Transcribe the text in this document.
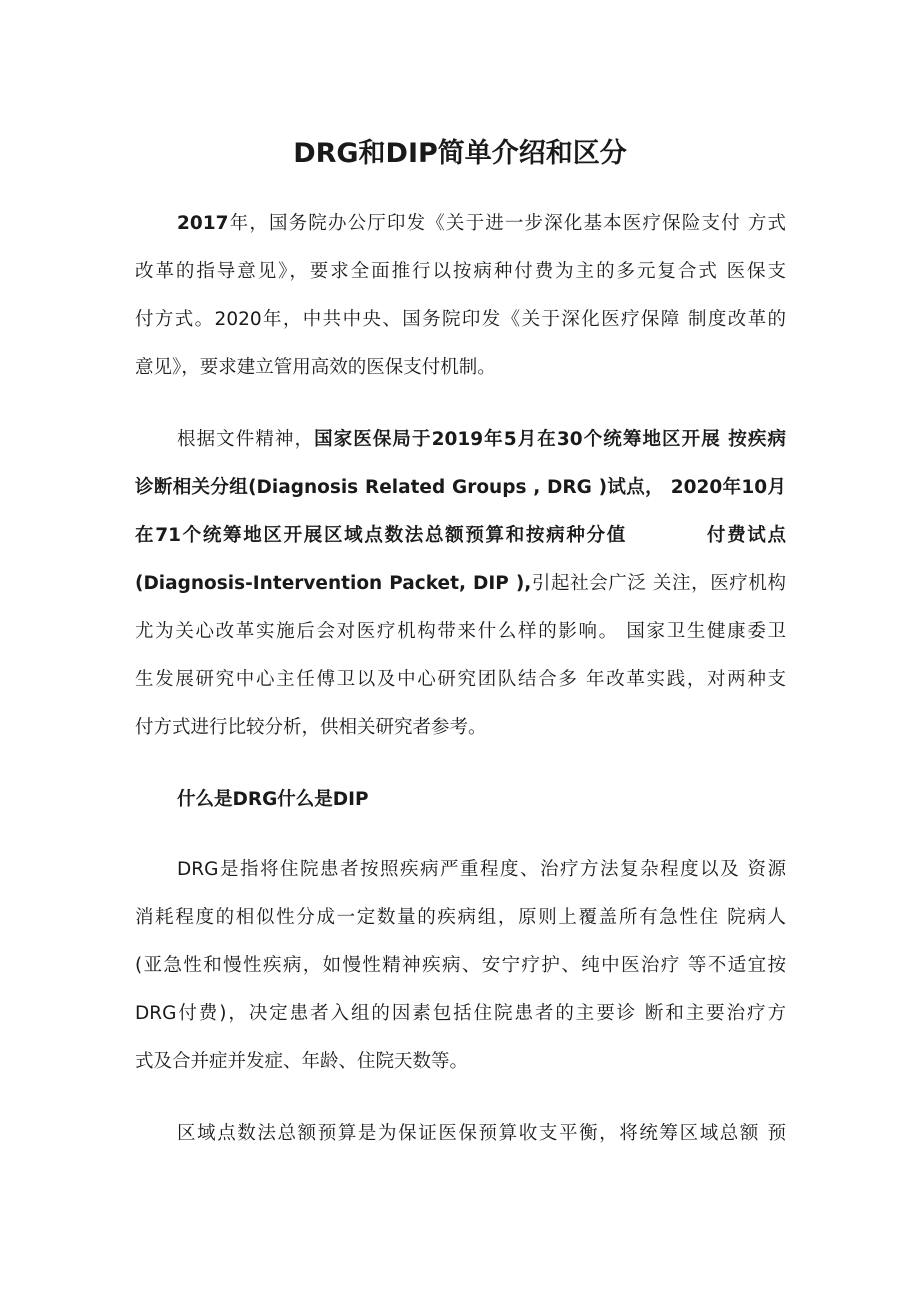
DRG和DIP简单介绍和区分
2017年，国务院办公厅印发《关于进一步深化基本医疗保险支付 方式
改革的指导意见》，要求全面推行以按病种付费为主的多元复合式 医保支
付方式。2020年，中共中央、国务院印发《关于深化医疗保障 制度改革的
意见》，要求建立管用高效的医保支付机制。
根据文件精神，国家医保局于2019年5月在30个统筹地区开展 按疾病
诊断相关分组(Diagnosis Related Groups , DRG )试点， 2020年10月
在71个统筹地区开展区域点数法总额预算和按病种分值	付费试点
(Diagnosis-Intervention Packet, DIP ),引起社会广泛 关注，医疗机构
尤为关心改革实施后会对医疗机构带来什么样的影响。 国家卫生健康委卫
生发展研究中心主任傅卫以及中心研究团队结合多 年改革实践，对两种支
付方式进行比较分析，供相关研究者参考。
什么是DRG什么是DIP
DRG是指将住院患者按照疾病严重程度、治疗方法复杂程度以及 资源
消耗程度的相似性分成一定数量的疾病组，原则上覆盖所有急性住 院病人
(亚急性和慢性疾病，如慢性精神疾病、安宁疗护、纯中医治疗 等不适宜按
DRG付费)，决定患者入组的因素包括住院患者的主要诊 断和主要治疗方
式及合并症并发症、年龄、住院天数等。
区域点数法总额预算是为保证医保预算收支平衡，将统筹区域总额 预
